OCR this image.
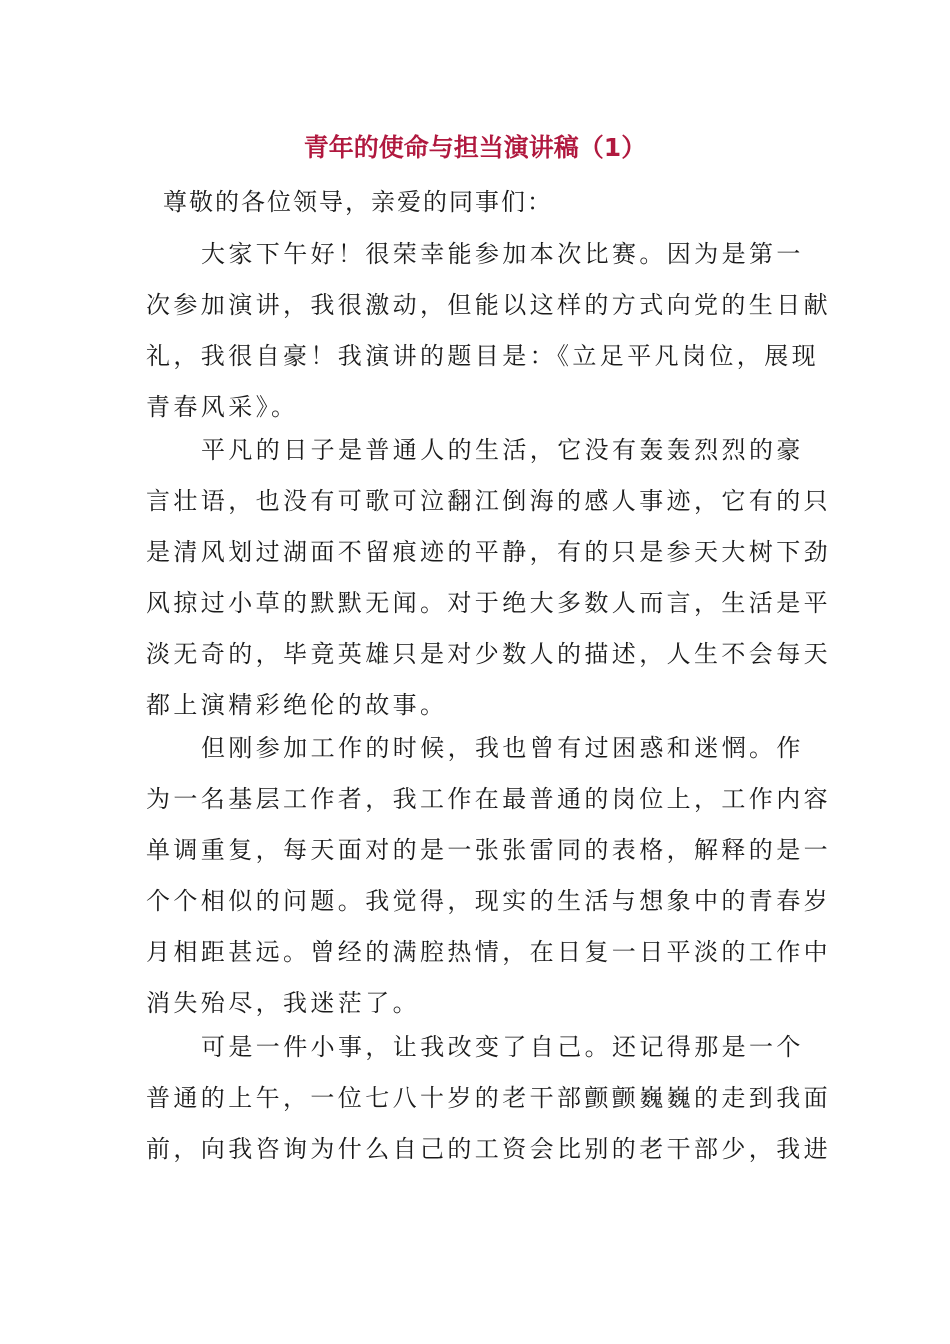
青年的使命与担当演讲稿（1）
尊敬的各位领导，亲爱的同事们：
大家下午好！很荣幸能参加本次比赛。因为是第一
次参加演讲，我很激动，但能以这样的方式向党的生日献
礼，我很自豪！我演讲的题目是：《立足平凡岗位，展现
青春风采》。
平凡的日子是普通人的生活，它没有轰轰烈烈的豪
言壮语，也没有可歌可泣翻江倒海的感人事迹，它有的只
是清风划过湖面不留痕迹的平静，有的只是参天大树下劲
风掠过小草的默默无闻。对于绝大多数人而言，生活是平
淡无奇的，毕竟英雄只是对少数人的描述，人生不会每天
都上演精彩绝伦的故事。
但刚参加工作的时候，我也曾有过困惑和迷惘。作
为一名基层工作者，我工作在最普通的岗位上，工作内容
单调重复，每天面对的是一张张雷同的表格，解释的是一
个个相似的问题。我觉得，现实的生活与想象中的青春岁
月相距甚远。曾经的满腔热情，在日复一日平淡的工作中
消失殆尽，我迷茫了。
可是一件小事，让我改变了自己。还记得那是一个
普通的上午，一位七八十岁的老干部颤颤巍巍的走到我面
前，向我咨询为什么自己的工资会比别的老干部少，我进
